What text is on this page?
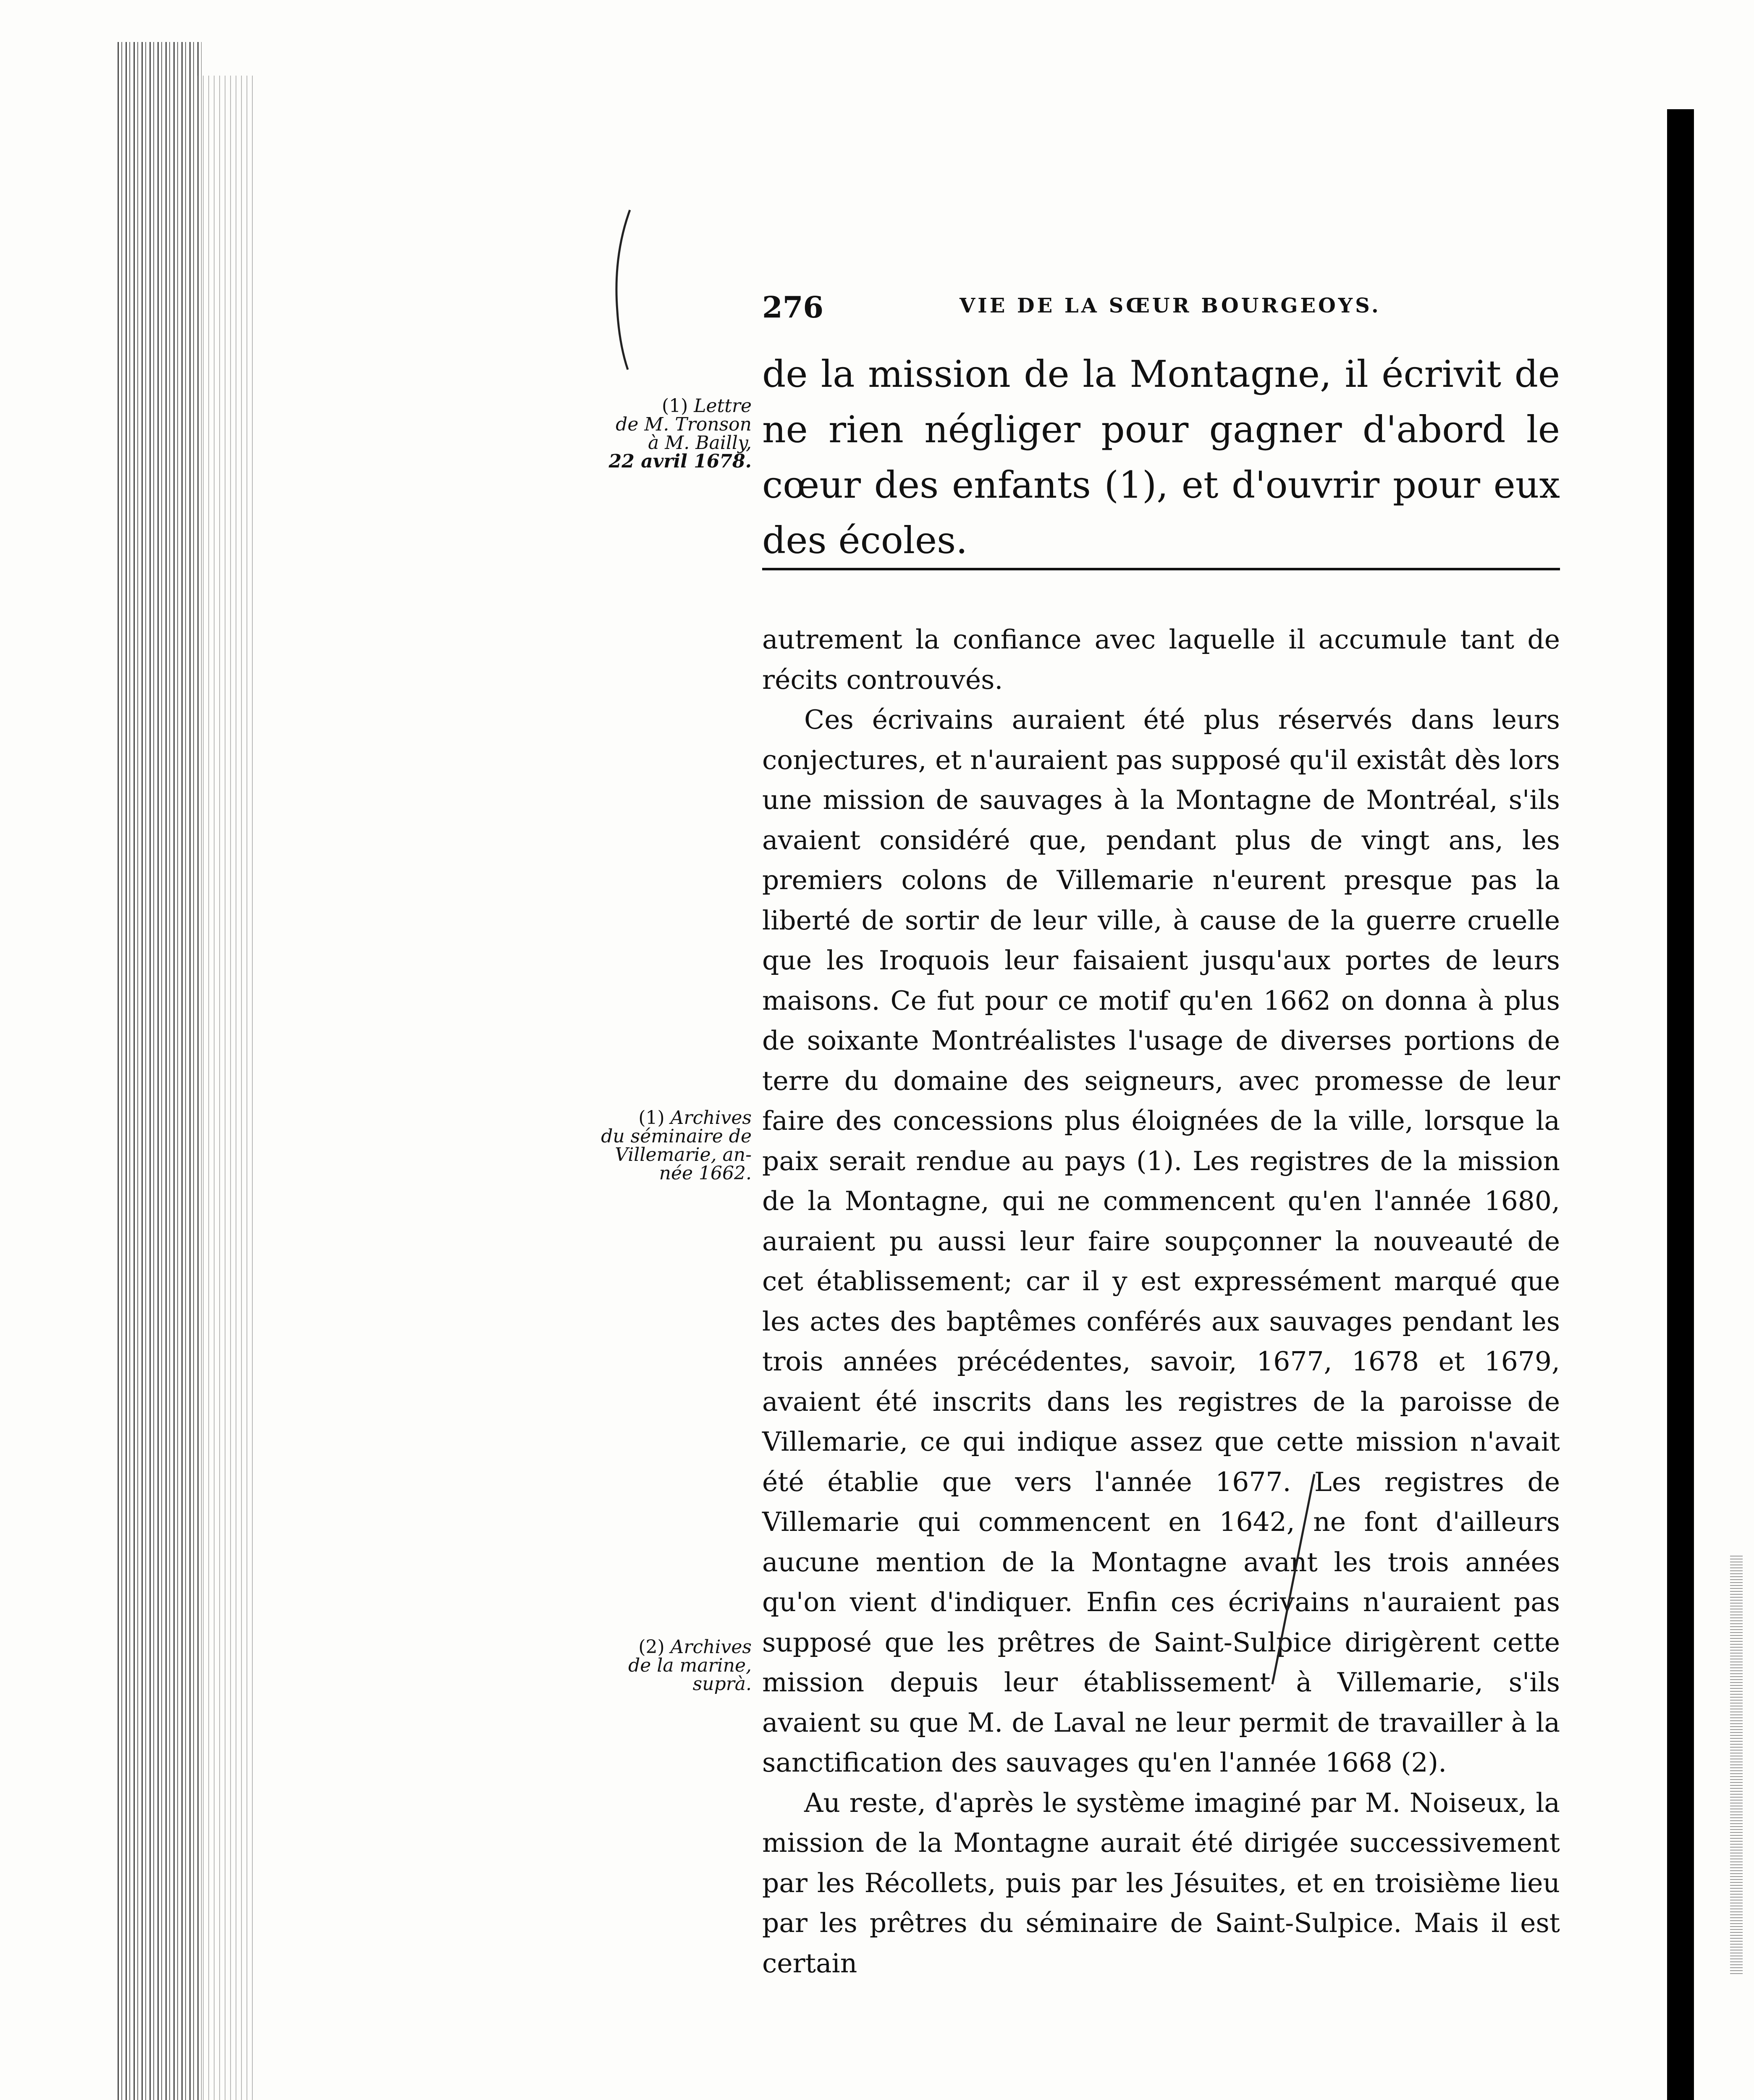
276	VIE DE LA SŒUR BOURGEOYS.

de la mission de la Montagne, il écrivit de ne rien négliger pour gagner d'abord le cœur des enfants (1), et d'ouvrir pour eux des écoles.

autrement la confiance avec laquelle il accumule tant de récits controuvés.

Ces écrivains auraient été plus réservés dans leurs conjectures, et n'auraient pas supposé qu'il existât dès lors une mission de sauvages à la Montagne de Montréal, s'ils avaient considéré que, pendant plus de vingt ans, les premiers colons de Villemarie n'eurent presque pas la liberté de sortir de leur ville, à cause de la guerre cruelle que les Iroquois leur faisaient jusqu'aux portes de leurs maisons. Ce fut pour ce motif qu'en 1662 on donna à plus de soixante Montréalistes l'usage de diverses portions de terre du domaine des seigneurs, avec promesse de leur faire des concessions plus éloignées de la ville, lorsque la paix serait rendue au pays (1). Les registres de la mission de la Montagne, qui ne commencent qu'en l'année 1680, auraient pu aussi leur faire soupçonner la nouveauté de cet établissement; car il y est expressément marqué que les actes des baptêmes conférés aux sauvages pendant les trois années précédentes, savoir, 1677, 1678 et 1679, avaient été inscrits dans les registres de la paroisse de Villemarie, ce qui indique assez que cette mission n'avait été établie que vers l'année 1677. Les registres de Villemarie qui commencent en 1642, ne font d'ailleurs aucune mention de la Montagne avant les trois années qu'on vient d'indiquer. Enfin ces écrivains n'auraient pas supposé que les prêtres de Saint-Sulpice dirigèrent cette mission depuis leur établissement à Villemarie, s'ils avaient su que M. de Laval ne leur permit de travailler à la sanctification des sauvages qu'en l'année 1668 (2).

Au reste, d'après le système imaginé par M. Noiseux, la mission de la Montagne aurait été dirigée successivement par les Récollets, puis par les Jésuites, et en troisième lieu par les prêtres du séminaire de Saint-Sulpice. Mais il est certain

(1) Lettre
de M. Tronson
à M. Bailly,
22 avril 1678.
(1) Archives
du séminaire de
Villemarie, an-
née 1662.
(2) Archives
de la marine,
suprà.
